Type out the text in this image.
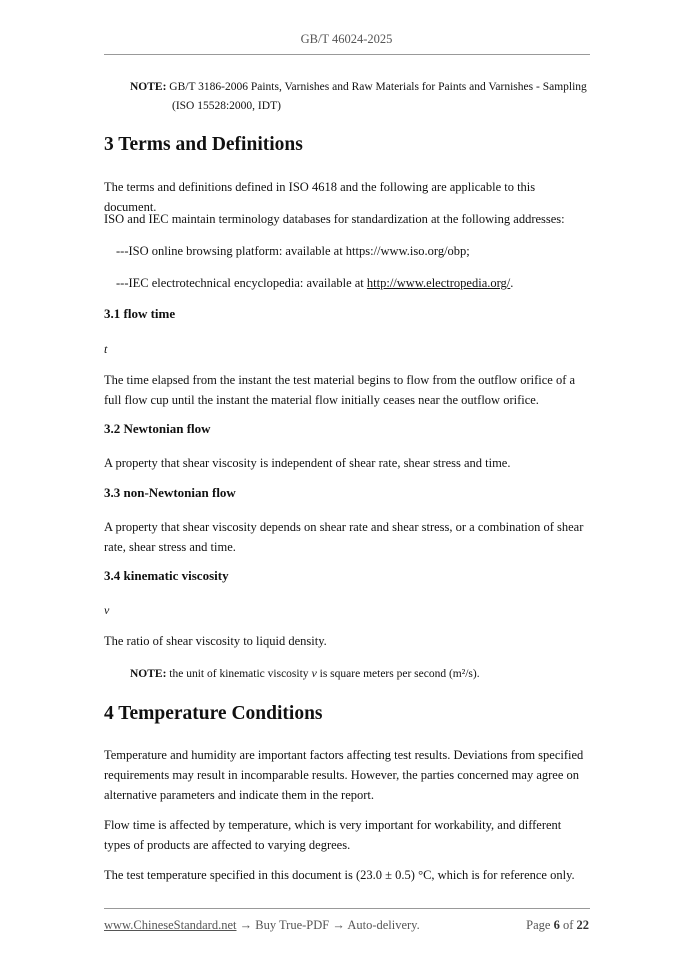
GB/T 46024-2025
NOTE: GB/T 3186-2006 Paints, Varnishes and Raw Materials for Paints and Varnishes - Sampling
(ISO 15528:2000, IDT)
3 Terms and Definitions

The terms and definitions defined in ISO 4618 and the following are applicable to this document.

ISO and IEC maintain terminology databases for standardization at the following addresses:

---ISO online browsing platform: available at https://www.iso.org/obp;

---IEC electrotechnical encyclopedia: available at http://www.electropedia.org/.

3.1 flow time

t

The time elapsed from the instant the test material begins to flow from the outflow orifice of a

full flow cup until the instant the material flow initially ceases near the outflow orifice.

3.2 Newtonian flow

A property that shear viscosity is independent of shear rate, shear stress and time.

3.3 non-Newtonian flow

A property that shear viscosity depends on shear rate and shear stress, or a combination of shear

rate, shear stress and time.

3.4 kinematic viscosity

ν

The ratio of shear viscosity to liquid density.

NOTE: the unit of kinematic viscosity ν is square meters per second (m²/s).
4 Temperature Conditions

Temperature and humidity are important factors affecting test results. Deviations from specified

requirements may result in incomparable results. However, the parties concerned may agree on

alternative parameters and indicate them in the report.

Flow time is affected by temperature, which is very important for workability, and different

types of products are affected to varying degrees.

The test temperature specified in this document is (23.0 ± 0.5) °C, which is for reference only.

www.ChineseStandard.net → Buy True-PDF → Auto-delivery.	Page 6 of 22
